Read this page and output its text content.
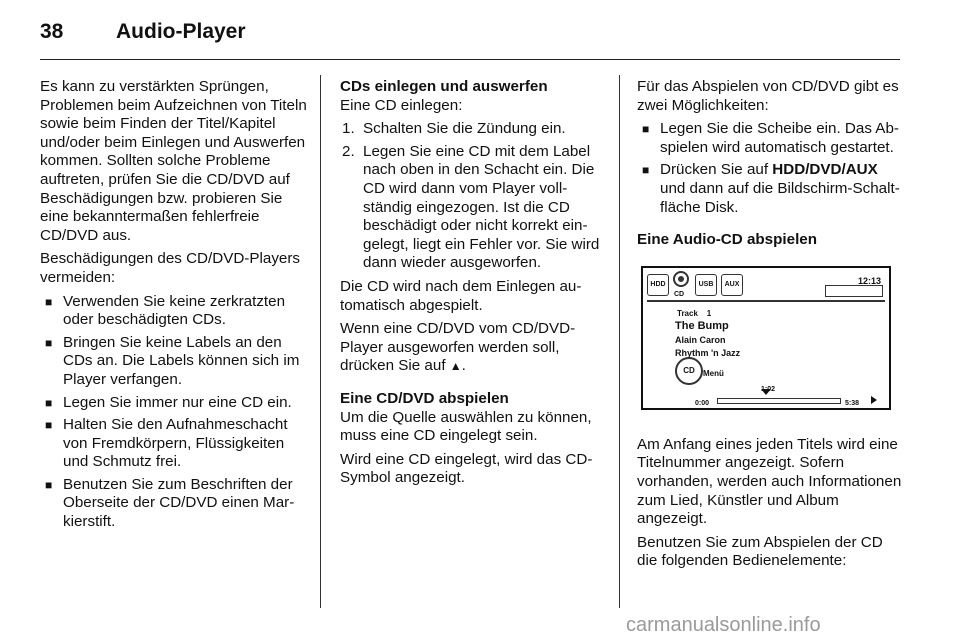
38	Audio-Player

Es kann zu verstärkten Sprüngen, Problemen beim Aufzeichnen von Titeln sowie beim Finden der Titel/Kapitel und/oder beim Einlegen und Auswerfen kommen. Sollten solche Probleme auftreten, prüfen Sie die CD/DVD auf Beschädigungen bzw. probieren Sie eine bekanntermaßen fehlerfreie CD/DVD aus.

Beschädigungen des CD/DVD-Players vermeiden:

■ Verwenden Sie keine zerkratzten oder beschädigten CDs.
■ Bringen Sie keine Labels an den CDs an. Die Labels können sich im Player verfangen.
■ Legen Sie immer nur eine CD ein.
■ Halten Sie den Aufnahmeschacht von Fremdkörpern, Flüssigkeiten und Schmutz frei.
■ Benutzen Sie zum Beschriften der Oberseite der CD/DVD einen Markierstift.
CDs einlegen und auswerfen

Eine CD einlegen:

1. Schalten Sie die Zündung ein.
2. Legen Sie eine CD mit dem Label nach oben in den Schacht ein. Die CD wird dann vom Player vollständig eingezogen. Ist die CD beschädigt oder nicht korrekt eingelegt, liegt ein Fehler vor. Sie wird dann wieder ausgeworfen.

Die CD wird nach dem Einlegen automatisch abgespielt.

Wenn eine CD/DVD vom CD/DVD-Player ausgeworfen werden soll, drücken Sie auf ▲.

Eine CD/DVD abspielen

Um die Quelle auswählen zu können, muss eine CD eingelegt sein.

Wird eine CD eingelegt, wird das CD-Symbol angezeigt.

Für das Abspielen von CD/DVD gibt es zwei Möglichkeiten:

■ Legen Sie die Scheibe ein. Das Abspielen wird automatisch gestartet.
■ Drücken Sie auf HDD/DVD/AUX und dann auf die Bildschirm-Schaltfläche Disk.
Eine Audio-CD abspielen
HDD
CD
USB	AUX	12:13
Track 1
The Bump
Alain Caron
Rhythm 'n Jazz
CD	Menü
1:02
0:00	5:38

Am Anfang eines jeden Titels wird eine Titelnummer angezeigt. Sofern vorhanden, werden auch Informationen zum Lied, Künstler und Album angezeigt.

Benutzen Sie zum Abspielen der CD die folgenden Bedienelemente:

carmanualsonline.info
